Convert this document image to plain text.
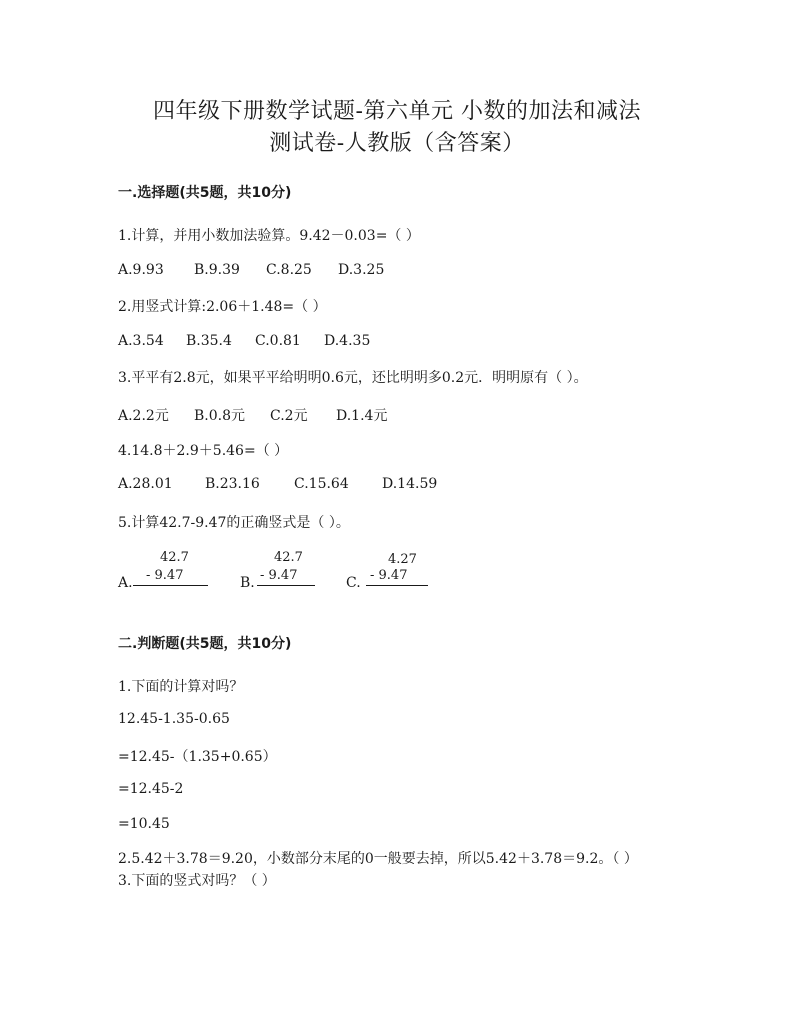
四年级下册数学试题-第六单元 小数的加法和减法
测试卷-人教版（含答案）
一.选择题(共5题，共10分)
1.计算，并用小数加法验算。9.42－0.03=（ ）
A.9.93 B.9.39 C.8.25 D.3.25
2.用竖式计算:2.06＋1.48=（ ）
A.3.54 B.35.4 C.0.81 D.4.35
3.平平有2.8元，如果平平给明明0.6元，还比明明多0.2元．明明原有（ ）。
A.2.2元 B.0.8元 C.2元 D.1.4元
4.14.8＋2.9＋5.46=（ ）
A.28.01 B.23.16 C.15.64 D.14.59
5.计算42.7-9.47的正确竖式是（ ）。
42.7
- 9.47
A.
42.7
- 9.47
B.
4.27
- 9.47
C.
二.判断题(共5题，共10分)
1.下面的计算对吗？
12.45-1.35-0.65
=12.45-（1.35+0.65）
=12.45-2
=10.45
2.5.42＋3.78＝9.20，小数部分末尾的0一般要去掉，所以5.42＋3.78＝9.2。（ ）
3.下面的竖式对吗？（ ）
